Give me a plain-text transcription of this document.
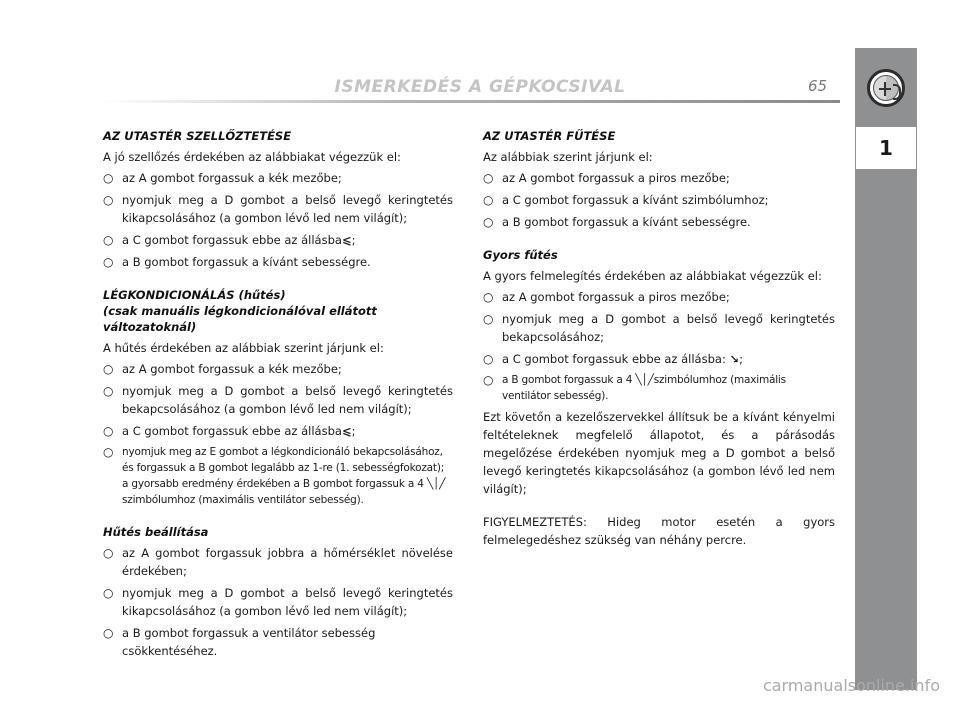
ISMERKEDÉS A GÉPKOCSIVAL	65
1
AZ UTASTÉR SZELLŐZTETÉSE
A jó szellőzés érdekében az alábbiakat végezzük el:
○ az A gombot forgassuk a kék mezőbe;
○ nyomjuk meg a D gombot a belső levegő keringtetés kikapcsolásához (a gombon lévő led nem világít);
○ a C gombot forgassuk ebbe az állásba⩽;
○ a B gombot forgassuk a kívánt sebességre.
LÉGKONDICIONÁLÁS (hűtés)
(csak manuális légkondicionálóval ellátott
változatoknál)
A hűtés érdekében az alábbiak szerint járjunk el:
○ az A gombot forgassuk a kék mezőbe;
○ nyomjuk meg a D gombot a belső levegő keringtetés bekapcsolásához (a gombon lévő led nem világít);
○ a C gombot forgassuk ebbe az állásba⩽;
○ nyomjuk meg az E gombot a légkondicionáló bekapcsolásához, és forgassuk a B gombot legalább az 1-re (1. sebességfokozat); a gyorsabb eredmény érdekében a B gombot forgassuk a 4 ╲│╱ szimbólumhoz (maximális ventilátor sebesség).
Hűtés beállítása
○ az A gombot forgassuk jobbra a hőmérséklet növelése érdekében;
○ nyomjuk meg a D gombot a belső levegő keringtetés kikapcsolásához (a gombon lévő led nem világít);
○ a B gombot forgassuk a ventilátor sebesség csökkentéséhez.
AZ UTASTÉR FŰTÉSE
Az alábbiak szerint járjunk el:
○ az A gombot forgassuk a piros mezőbe;
○ a C gombot forgassuk a kívánt szimbólumhoz;
○ a B gombot forgassuk a kívánt sebességre.
Gyors fűtés
A gyors felmelegítés érdekében az alábbiakat végezzük el:
○ az A gombot forgassuk a piros mezőbe;
○ nyomjuk meg a D gombot a belső levegő keringtetés bekapcsolásához;
○ a C gombot forgassuk ebbe az állásba: ↘;
○ a B gombot forgassuk a 4 ╲│╱szimbólumhoz (maximális ventilátor sebesség).
Ezt követőn a kezelőszervekkel állítsuk be a kívánt kényelmi feltételeknek megfelelő állapotot, és a párásodás megelőzése érdekében nyomjuk meg a D gombot a belső levegő keringtetés kikapcsolásához (a gombon lévő led nem világít);
FIGYELMEZTETÉS: Hideg motor esetén a gyors felmelegedéshez szükség van néhány percre.
carmanualsonline.info
